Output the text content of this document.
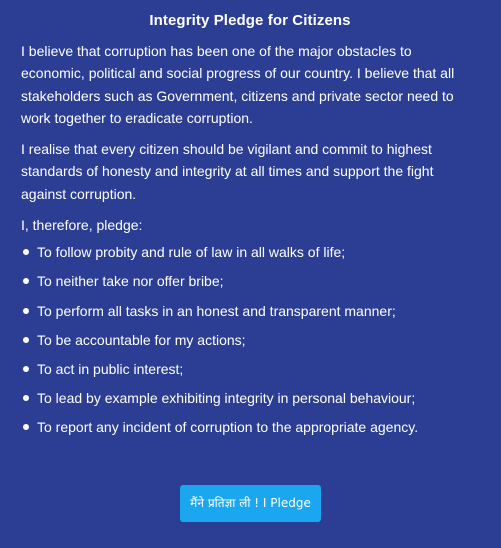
Integrity Pledge for Citizens

I believe that corruption has been one of the major obstacles to economic, political and social progress of our country. I believe that all stakeholders such as Government, citizens and private sector need to work together to eradicate corruption.

I realise that every citizen should be vigilant and commit to highest standards of honesty and integrity at all times and support the fight against corruption.

I, therefore, pledge:

To follow probity and rule of law in all walks of life;
To neither take nor offer bribe;
To perform all tasks in an honest and transparent manner;
To be accountable for my actions;
To act in public interest;
To lead by example exhibiting integrity in personal behaviour;
To report any incident of corruption to the appropriate agency.
मैंने प्रतिज्ञा ली ! I Pledge
